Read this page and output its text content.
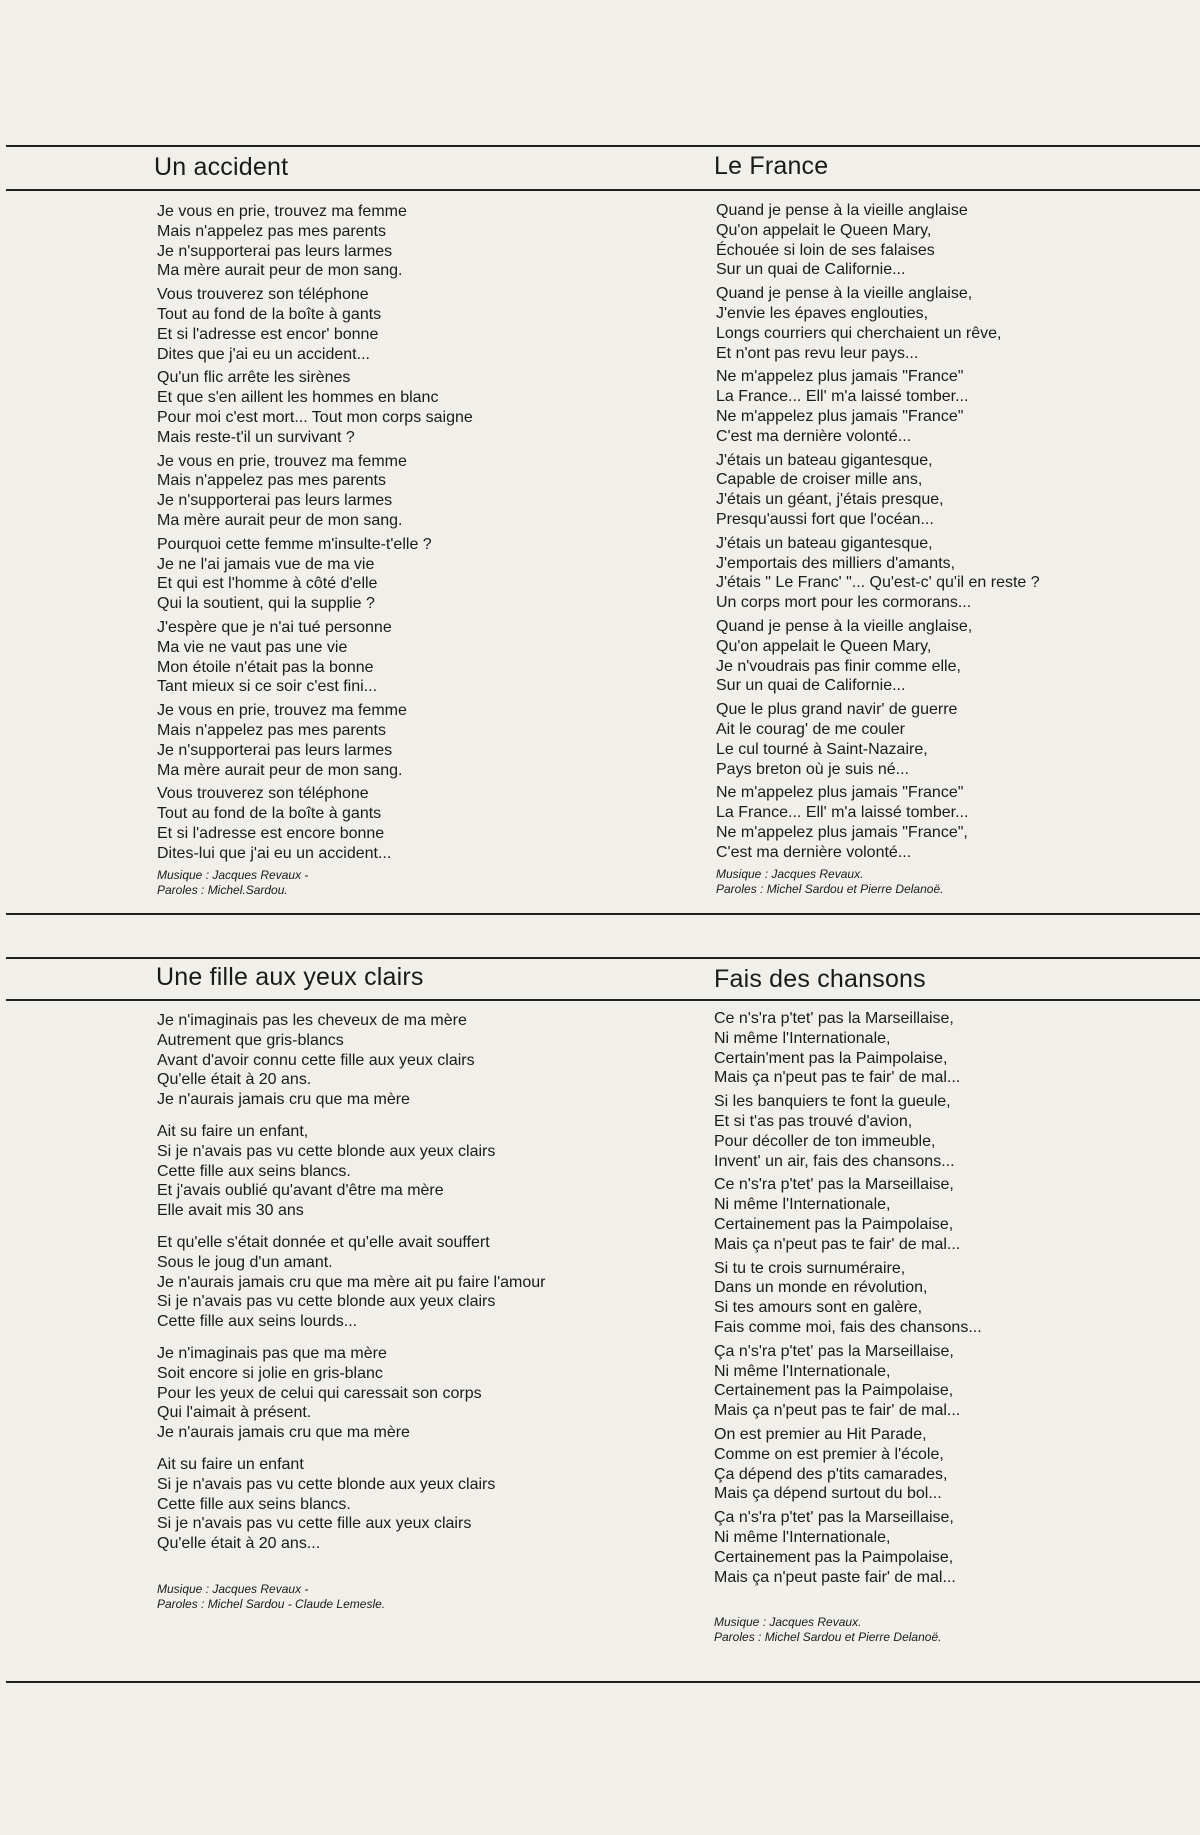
Un accident
Je vous en prie, trouvez ma femme
Mais n'appelez pas mes parents
Je n'supporterai pas leurs larmes
Ma mère aurait peur de mon sang.
Vous trouverez son téléphone
Tout au fond de la boîte à gants
Et si l'adresse est encor' bonne
Dites que j'ai eu un accident...
Qu'un flic arrête les sirènes
Et que s'en aillent les hommes en blanc
Pour moi c'est mort... Tout mon corps saigne
Mais reste-t'il un survivant ?
Je vous en prie, trouvez ma femme
Mais n'appelez pas mes parents
Je n'supporterai pas leurs larmes
Ma mère aurait peur de mon sang.
Pourquoi cette femme m'insulte-t'elle ?
Je ne l'ai jamais vue de ma vie
Et qui est l'homme à côté d'elle
Qui la soutient, qui la supplie ?
J'espère que je n'ai tué personne
Ma vie ne vaut pas une vie
Mon étoile n'était pas la bonne
Tant mieux si ce soir c'est fini...
Je vous en prie, trouvez ma femme
Mais n'appelez pas mes parents
Je n'supporterai pas leurs larmes
Ma mère aurait peur de mon sang.
Vous trouverez son téléphone
Tout au fond de la boîte à gants
Et si l'adresse est encore bonne
Dites-lui que j'ai eu un accident...
Musique : Jacques Revaux -
Paroles : Michel.Sardou.
Le France
Quand je pense à la vieille anglaise
Qu'on appelait le Queen Mary,
Échouée si loin de ses falaises
Sur un quai de Californie...
Quand je pense à la vieille anglaise,
J'envie les épaves englouties,
Longs courriers qui cherchaient un rêve,
Et n'ont pas revu leur pays...
Ne m'appelez plus jamais "France"
La France... Ell' m'a laissé tomber...
Ne m'appelez plus jamais "France"
C'est ma dernière volonté...
J'étais un bateau gigantesque,
Capable de croiser mille ans,
J'étais un géant, j'étais presque,
Presqu'aussi fort que l'océan...
J'étais un bateau gigantesque,
J'emportais des milliers d'amants,
J'étais " Le Franc' "... Qu'est-c' qu'il en reste ?
Un corps mort pour les cormorans...
Quand je pense à la vieille anglaise,
Qu'on appelait le Queen Mary,
Je n'voudrais pas finir comme elle,
Sur un quai de Californie...
Que le plus grand navir' de guerre
Ait le courag' de me couler
Le cul tourné à Saint-Nazaire,
Pays breton où je suis né...
Ne m'appelez plus jamais "France"
La France... Ell' m'a laissé tomber...
Ne m'appelez plus jamais "France",
C'est ma dernière volonté...
Musique : Jacques Revaux.
Paroles : Michel Sardou et Pierre Delanoë.
Une fille aux yeux clairs
Je n'imaginais pas les cheveux de ma mère
Autrement que gris-blancs
Avant d'avoir connu cette fille aux yeux clairs
Qu'elle était à 20 ans.
Je n'aurais jamais cru que ma mère
Ait su faire un enfant,
Si je n'avais pas vu cette blonde aux yeux clairs
Cette fille aux seins blancs.
Et j'avais oublié qu'avant d'être ma mère
Elle avait mis 30 ans
Et qu'elle s'était donnée et qu'elle avait souffert
Sous le joug d'un amant.
Je n'aurais jamais cru que ma mère ait pu faire l'amour
Si je n'avais pas vu cette blonde aux yeux clairs
Cette fille aux seins lourds...
Je n'imaginais pas que ma mère
Soit encore si jolie en gris-blanc
Pour les yeux de celui qui caressait son corps
Qui l'aimait à présent.
Je n'aurais jamais cru que ma mère
Ait su faire un enfant
Si je n'avais pas vu cette blonde aux yeux clairs
Cette fille aux seins blancs.
Si je n'avais pas vu cette fille aux yeux clairs
Qu'elle était à 20 ans...
Musique : Jacques Revaux -
Paroles : Michel Sardou - Claude Lemesle.
Fais des chansons
Ce n's'ra p'tet' pas la Marseillaise,
Ni même l'Internationale,
Certain'ment pas la Paimpolaise,
Mais ça n'peut pas te fair' de mal...
Si les banquiers te font la gueule,
Et si t'as pas trouvé d'avion,
Pour décoller de ton immeuble,
Invent' un air, fais des chansons...
Ce n's'ra p'tet' pas la Marseillaise,
Ni même l'Internationale,
Certainement pas la Paimpolaise,
Mais ça n'peut pas te fair' de mal...
Si tu te crois surnuméraire,
Dans un monde en révolution,
Si tes amours sont en galère,
Fais comme moi, fais des chansons...
Ça n's'ra p'tet' pas la Marseillaise,
Ni même l'Internationale,
Certainement pas la Paimpolaise,
Mais ça n'peut pas te fair' de mal...
On est premier au Hit Parade,
Comme on est premier à l'école,
Ça dépend des p'tits camarades,
Mais ça dépend surtout du bol...
Ça n's'ra p'tet' pas la Marseillaise,
Ni même l'Internationale,
Certainement pas la Paimpolaise,
Mais ça n'peut paste fair' de mal...
Musique : Jacques Revaux.
Paroles : Michel Sardou et Pierre Delanoë.
